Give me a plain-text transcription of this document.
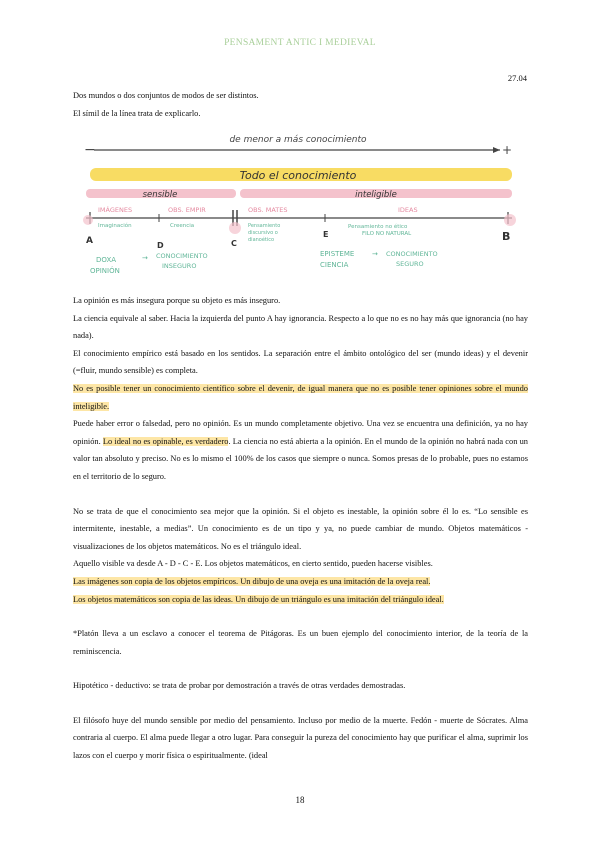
PENSAMENT ANTIC I MEDIEVAL
27.04

Dos mundos o dos conjuntos de modos de ser distintos.

El símil de la línea trata de explicarlo.

−	+
de menor a más conocimiento
Todo el conocimiento
sensible	inteligible
IMÁGENES	OBS. EMPIR	OBS. MATES	IDEAS
Imaginación	Creencia	Pensamiento
discursivo o
dianoético
Pensamiento no ético
FILO NO NATURAL
A	D	C
E	B
DOXA
OPINIÓN
→ CONOCIMIENTO
INSEGURO
EPISTEME
CIENCIA
→ CONOCIMIENTO
SEGURO

La opinión es más insegura porque su objeto es más inseguro.

La ciencia equivale al saber. Hacia la izquierda del punto A hay ignorancia. Respecto a lo que no es no hay más que ignorancia (no hay nada).

El conocimiento empírico está basado en los sentidos. La separación entre el ámbito ontológico del ser (mundo ideas) y el devenir (=fluir, mundo sensible) es completa.

No es posible tener un conocimiento científico sobre el devenir, de igual manera que no es posible tener opiniones sobre el mundo inteligible.

Puede haber error o falsedad, pero no opinión. Es un mundo completamente objetivo. Una vez se encuentra una definición, ya no hay opinión. Lo ideal no es opinable, es verdadero. La ciencia no está abierta a la opinión. En el mundo de la opinión no habrá nada con un valor tan absoluto y preciso. No es lo mismo el 100% de los casos que siempre o nunca. Somos presas de lo probable, pues no estamos en el territorio de lo seguro.

No se trata de que el conocimiento sea mejor que la opinión. Si el objeto es inestable, la opinión sobre él lo es. “Lo sensible es intermitente, inestable, a medias”. Un conocimiento es de un tipo y ya, no puede cambiar de mundo. Objetos matemáticos - visualizaciones de los objetos matemáticos. No es el triángulo ideal.

Aquello visible va desde A - D - C - E. Los objetos matemáticos, en cierto sentido, pueden hacerse visibles.

Las imágenes son copia de los objetos empíricos. Un dibujo de una oveja es una imitación de la oveja real.

Los objetos matemáticos son copia de las ideas. Un dibujo de un triángulo es una imitación del triángulo ideal.

*Platón lleva a un esclavo a conocer el teorema de Pitágoras. Es un buen ejemplo del conocimiento interior, de la teoría de la reminiscencia.

Hipotético - deductivo: se trata de probar por demostración a través de otras verdades demostradas.

El filósofo huye del mundo sensible por medio del pensamiento. Incluso por medio de la muerte. Fedón - muerte de Sócrates. Alma contraria al cuerpo. El alma puede llegar a otro lugar. Para conseguir la pureza del conocimiento hay que purificar el alma, suprimir los lazos con el cuerpo y morir física o espiritualmente. (ideal

18
